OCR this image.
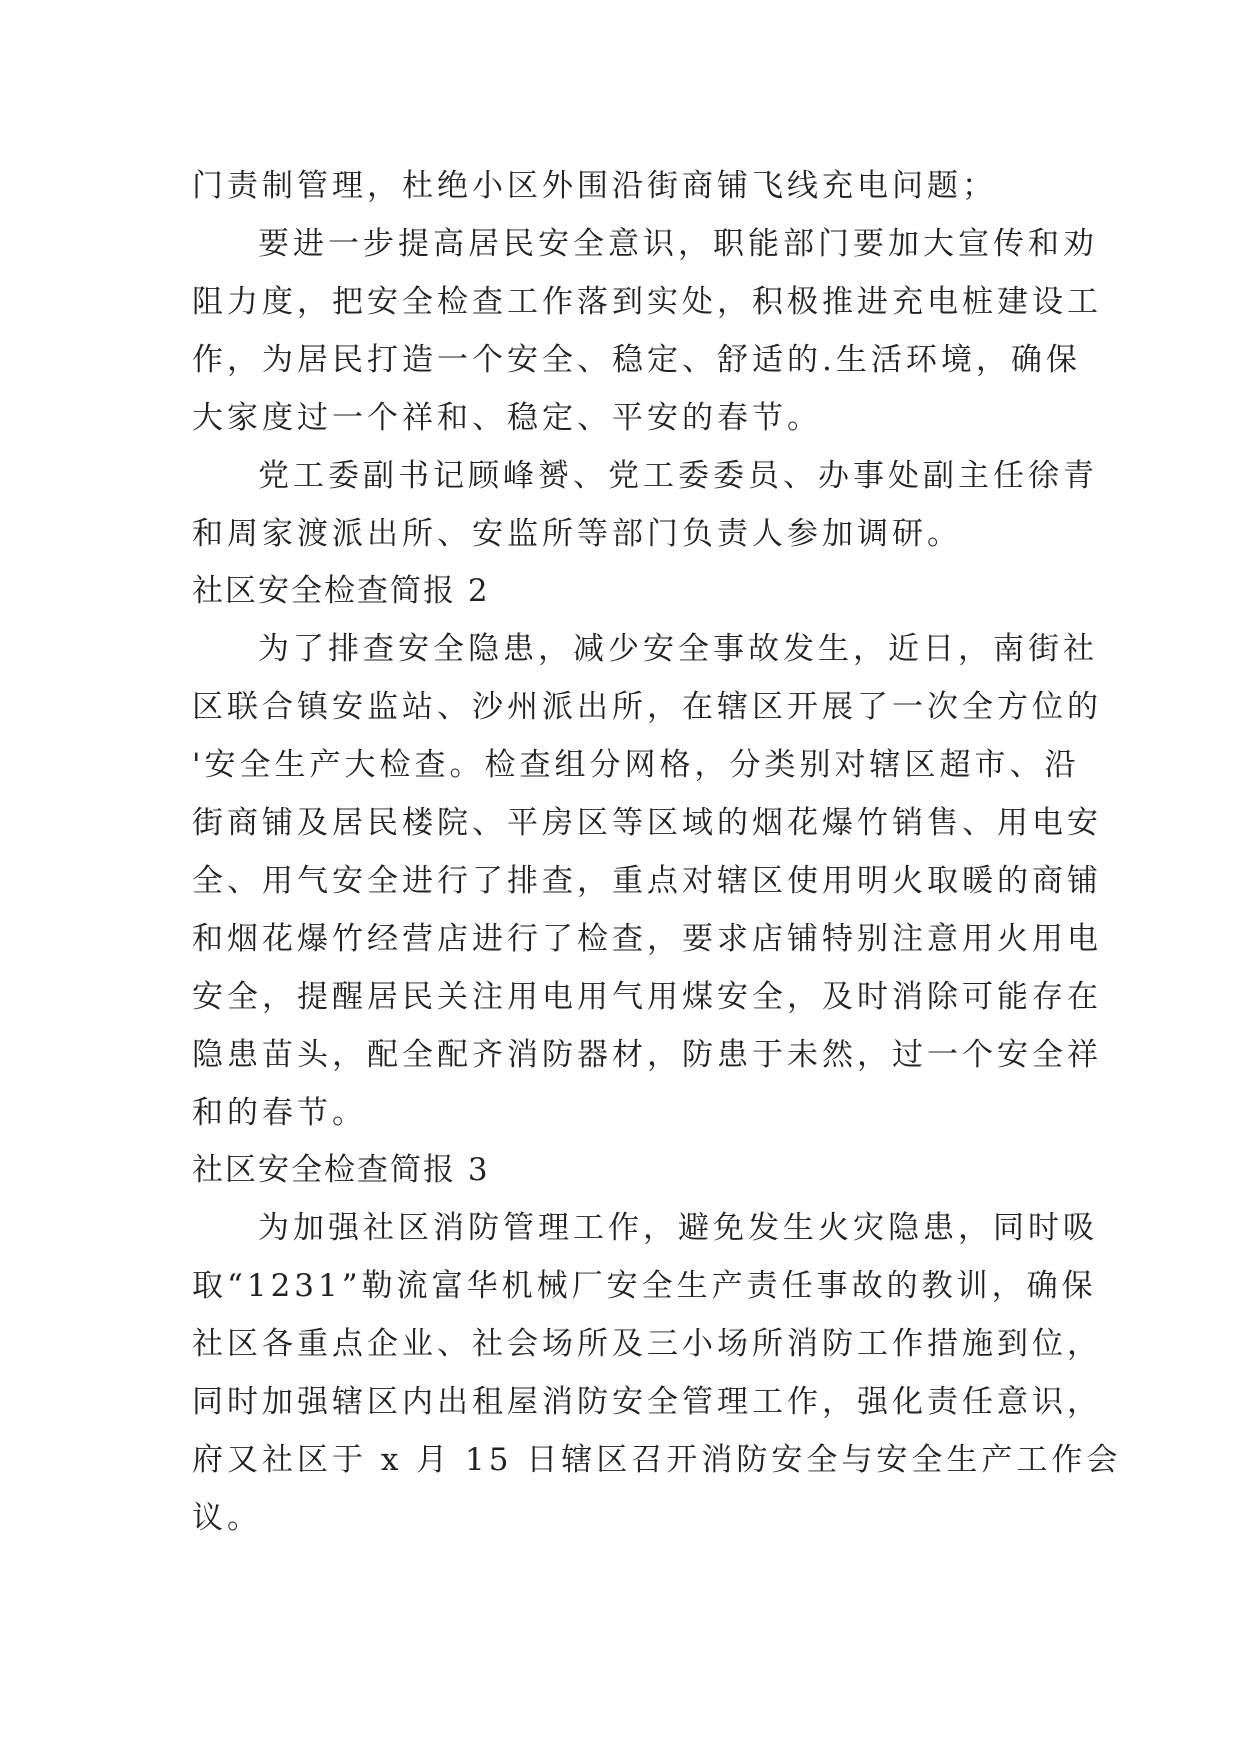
门责制管理，杜绝小区外围沿街商铺飞线充电问题；
要进一步提高居民安全意识，职能部门要加大宣传和劝
阻力度，把安全检查工作落到实处，积极推进充电桩建设工
作，为居民打造一个安全、稳定、舒适的.生活环境，确保
大家度过一个祥和、稳定、平安的春节。
党工委副书记顾峰赟、党工委委员、办事处副主任徐青
和周家渡派出所、安监所等部门负责人参加调研。
社区安全检查简报 2
为了排查安全隐患，减少安全事故发生，近日，南街社
区联合镇安监站、沙州派出所，在辖区开展了一次全方位的
'安全生产大检查。检查组分网格，分类别对辖区超市、沿
街商铺及居民楼院、平房区等区域的烟花爆竹销售、用电安
全、用气安全进行了排查，重点对辖区使用明火取暖的商铺
和烟花爆竹经营店进行了检查，要求店铺特别注意用火用电
安全，提醒居民关注用电用气用煤安全，及时消除可能存在
隐患苗头，配全配齐消防器材，防患于未然，过一个安全祥
和的春节。
社区安全检查简报 3
为加强社区消防管理工作，避免发生火灾隐患，同时吸
取“1231”勒流富华机械厂安全生产责任事故的教训，确保
社区各重点企业、社会场所及三小场所消防工作措施到位，
同时加强辖区内出租屋消防安全管理工作，强化责任意识，
府又社区于 x 月 15 日辖区召开消防安全与安全生产工作会
议。
